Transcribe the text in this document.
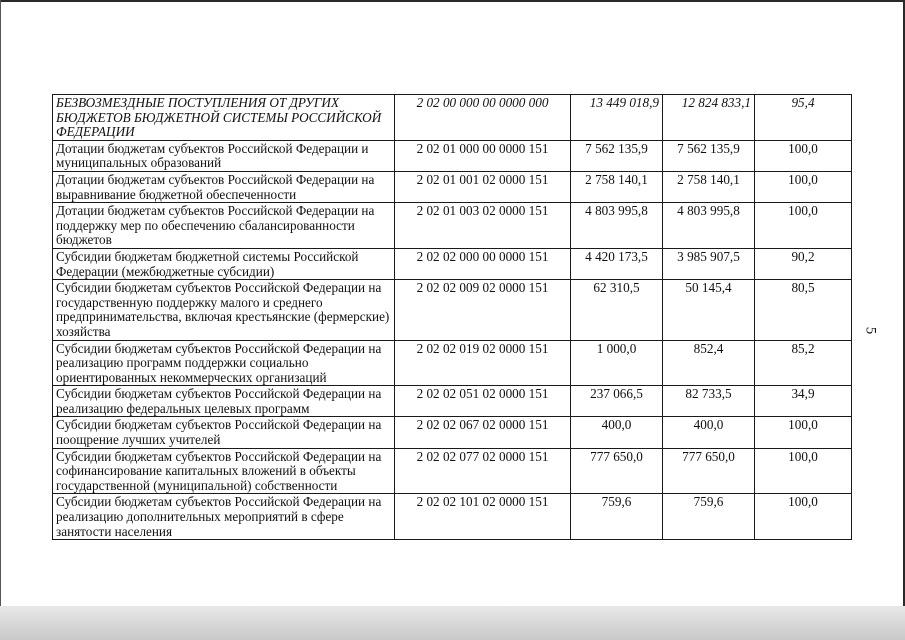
БЕЗВОЗМЕЗДНЫЕ ПОСТУПЛЕНИЯ ОТ ДРУГИХ БЮДЖЕТОВ БЮДЖЕТНОЙ СИСТЕМЫ РОССИЙСКОЙ ФЕДЕРАЦИИ	2 02 00 000 00 0000 000	13 449 018,9	12 824 833,1	95,4
Дотации бюджетам субъектов Российской Федерации и муниципальных образований	2 02 01 000 00 0000 151	7 562 135,9	7 562 135,9	100,0
Дотации бюджетам субъектов Российской Федерации на выравнивание бюджетной обеспеченности	2 02 01 001 02 0000 151	2 758 140,1	2 758 140,1	100,0
Дотации бюджетам субъектов Российской Федерации на поддержку мер по обеспечению сбалансированности бюджетов	2 02 01 003 02 0000 151	4 803 995,8	4 803 995,8	100,0
Субсидии бюджетам бюджетной системы Российской Федерации (межбюджетные субсидии)	2 02 02 000 00 0000 151	4 420 173,5	3 985 907,5	90,2
Субсидии бюджетам субъектов Российской Федерации на государственную поддержку малого и среднего предпринимательства, включая крестьянские (фермерские) хозяйства	2 02 02 009 02 0000 151	62 310,5	50 145,4	80,5
Субсидии бюджетам субъектов Российской Федерации на реализацию программ поддержки социально ориентированных некоммерческих организаций	2 02 02 019 02 0000 151	1 000,0	852,4	85,2
Субсидии бюджетам субъектов Российской Федерации на реализацию федеральных целевых программ	2 02 02 051 02 0000 151	237 066,5	82 733,5	34,9
Субсидии бюджетам субъектов Российской Федерации на поощрение лучших учителей	2 02 02 067 02 0000 151	400,0	400,0	100,0
Субсидии бюджетам субъектов Российской Федерации на софинансирование капитальных вложений в объекты государственной (муниципальной) собственности	2 02 02 077 02 0000 151	777 650,0	777 650,0	100,0
Субсидии бюджетам субъектов Российской Федерации на реализацию дополнительных мероприятий в сфере занятости населения	2 02 02 101 02 0000 151	759,6	759,6	100,0
5
